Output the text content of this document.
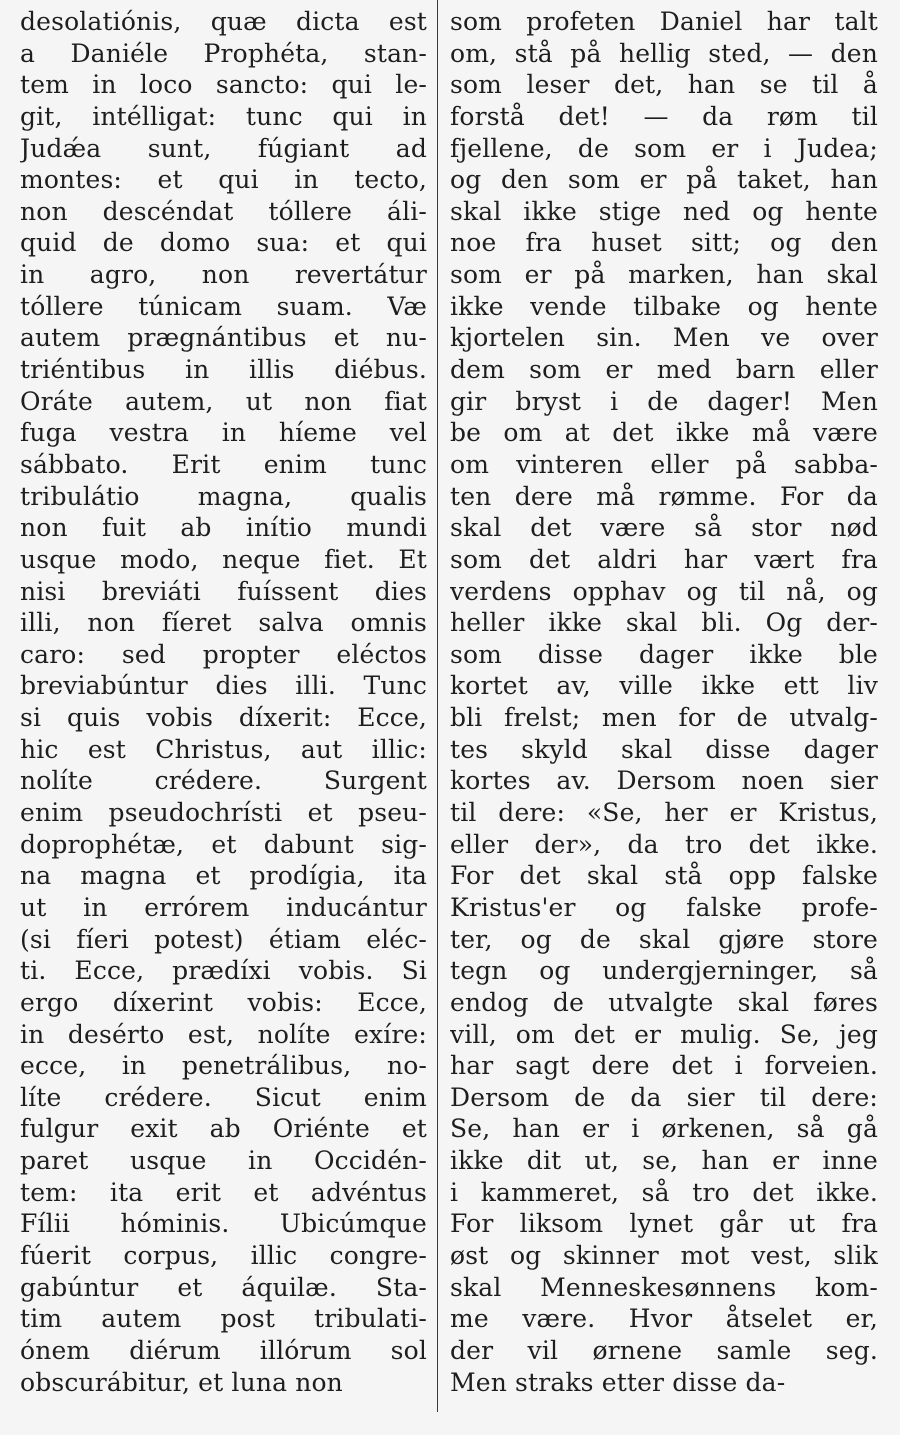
desolatiónis, quæ dicta est
a Daniéle Prophéta, stan-
tem in loco sancto: qui le-
git, intélligat: tunc qui in
Judǽa sunt, fúgiant ad
montes: et qui in tecto,
non descéndat tóllere áli-
quid de domo sua: et qui
in agro, non revertátur
tóllere túnicam suam. Væ
autem prægnántibus et nu-
triéntibus in illis diébus.
Oráte autem, ut non fiat
fuga vestra in híeme vel
sábbato. Erit enim tunc
tribulátio magna, qualis
non fuit ab inítio mundi
usque modo, neque fiet. Et
nisi breviáti fuíssent dies
illi, non fíeret salva omnis
caro: sed propter eléctos
breviabúntur dies illi. Tunc
si quis vobis díxerit: Ecce,
hic est Christus, aut illic:
nolíte crédere. Surgent
enim pseudochrísti et pseu-
doprophétæ, et dabunt sig-
na magna et prodígia, ita
ut in errórem inducántur
(si fíeri potest) étiam eléc-
ti. Ecce, prædíxi vobis. Si
ergo díxerint vobis: Ecce,
in desérto est, nolíte exíre:
ecce, in penetrálibus, no-
líte crédere. Sicut enim
fulgur exit ab Oriénte et
paret usque in Occidén-
tem: ita erit et advéntus
Fílii hóminis. Ubicúmque
fúerit corpus, illic congre-
gabúntur et áquilæ. Sta-
tim autem post tribulati-
ónem diérum illórum sol
obscurábitur, et luna non
som profeten Daniel har talt
om, stå på hellig sted, — den
som leser det, han se til å
forstå det! — da røm til
fjellene, de som er i Judea;
og den som er på taket, han
skal ikke stige ned og hente
noe fra huset sitt; og den
som er på marken, han skal
ikke vende tilbake og hente
kjortelen sin. Men ve over
dem som er med barn eller
gir bryst i de dager! Men
be om at det ikke må være
om vinteren eller på sabba-
ten dere må rømme. For da
skal det være så stor nød
som det aldri har vært fra
verdens opphav og til nå, og
heller ikke skal bli. Og der-
som disse dager ikke ble
kortet av, ville ikke ett liv
bli frelst; men for de utvalg-
tes skyld skal disse dager
kortes av. Dersom noen sier
til dere: «Se, her er Kristus,
eller der», da tro det ikke.
For det skal stå opp falske
Kristus'er og falske profe-
ter, og de skal gjøre store
tegn og undergjerninger, så
endog de utvalgte skal føres
vill, om det er mulig. Se, jeg
har sagt dere det i forveien.
Dersom de da sier til dere:
Se, han er i ørkenen, så gå
ikke dit ut, se, han er inne
i kammeret, så tro det ikke.
For liksom lynet går ut fra
øst og skinner mot vest, slik
skal Menneskesønnens kom-
me være. Hvor åtselet er,
der vil ørnene samle seg.
Men straks etter disse da-
